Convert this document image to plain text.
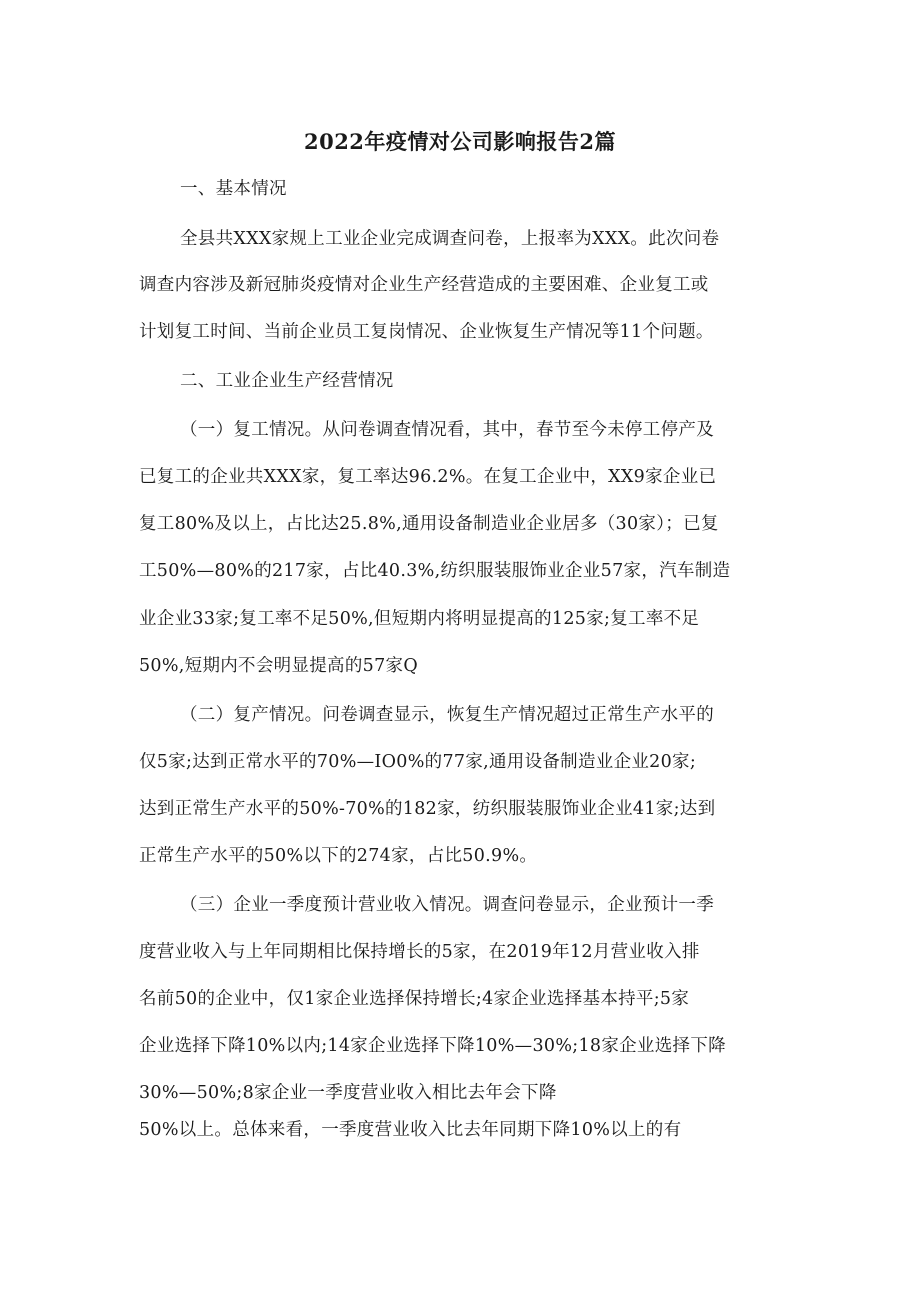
2022年疫情对公司影响报告2篇
一、基本情况
全县共XXX家规上工业企业完成调查问卷，上报率为XXX。此次问卷
调查内容涉及新冠肺炎疫情对企业生产经营造成的主要困难、企业复工或
计划复工时间、当前企业员工复岗情况、企业恢复生产情况等11个问题。
二、工业企业生产经营情况
（一）复工情况。从问卷调查情况看，其中，春节至今未停工停产及
已复工的企业共XXX家，复工率达96.2%。在复工企业中，XX9家企业已
复工80%及以上，占比达25.8%,通用设备制造业企业居多（30家）；已复
工50%—80%的217家，占比40.3%,纺织服装服饰业企业57家，汽车制造
业企业33家;复工率不足50%,但短期内将明显提高的125家;复工率不足
50%,短期内不会明显提高的57家Q
（二）复产情况。问卷调查显示，恢复生产情况超过正常生产水平的
仅5家;达到正常水平的70%—IO0%的77家,通用设备制造业企业20家;
达到正常生产水平的50%-70%的182家，纺织服装服饰业企业41家;达到
正常生产水平的50%以下的274家，占比50.9%。
（三）企业一季度预计营业收入情况。调查问卷显示，企业预计一季
度营业收入与上年同期相比保持增长的5家，在2019年12月营业收入排
名前50的企业中，仅1家企业选择保持增长;4家企业选择基本持平;5家
企业选择下降10%以内;14家企业选择下降10%—30%;18家企业选择下降
30%—50%;8家企业一季度营业收入相比去年会下降
50%以上。总体来看，一季度营业收入比去年同期下降10%以上的有
